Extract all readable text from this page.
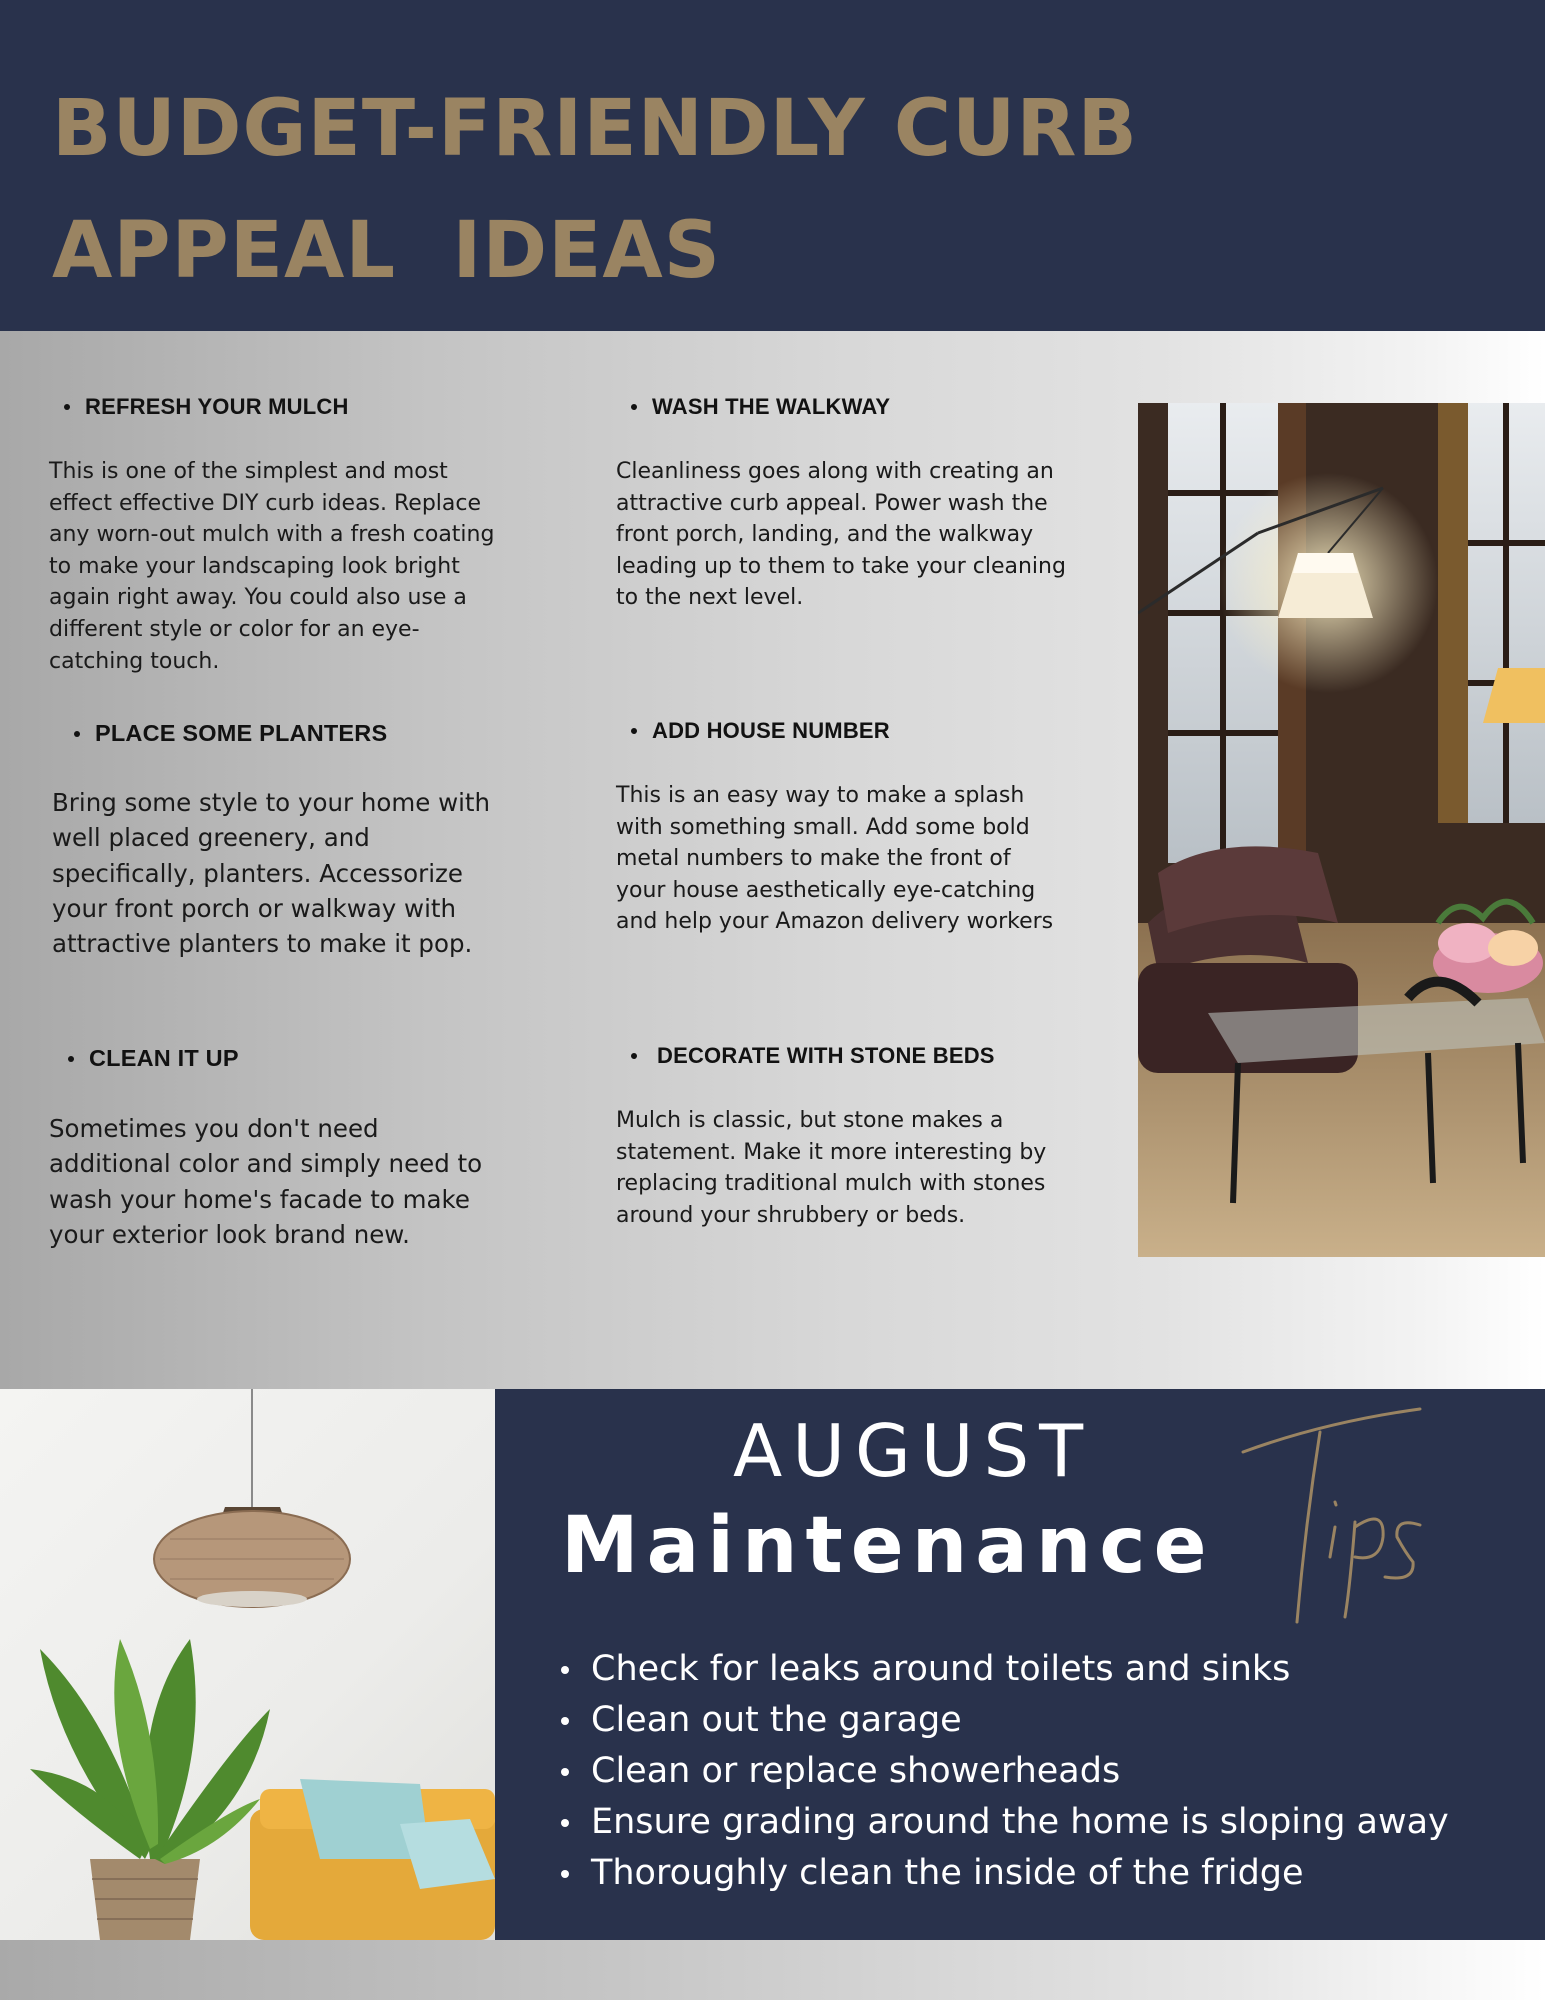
BUDGET-FRIENDLY CURB
APPEAL  IDEAS
REFRESH YOUR MULCH

This is one of the simplest and most
effect effective DIY curb ideas. Replace
any worn-out mulch with a fresh coating
to make your landscaping look bright
again right away. You could also use a
different style or color for an eye-
catching touch.

WASH THE WALKWAY

Cleanliness goes along with creating an
attractive curb appeal. Power wash the
front porch, landing, and the walkway
leading up to them to take your cleaning
to the next level.

PLACE SOME PLANTERS

Bring some style to your home with
well placed greenery, and
specifically, planters. Accessorize
your front porch or walkway with
attractive planters to make it pop.

ADD HOUSE NUMBER

This is an easy way to make a splash
with something small. Add some bold
metal numbers to make the front of
your house aesthetically eye-catching
and help your Amazon delivery workers

CLEAN IT UP

Sometimes you don't need
additional color and simply need to
wash your home's facade to make
your exterior look brand new.

DECORATE WITH STONE BEDS

Mulch is classic, but stone makes a
statement. Make it more interesting by
replacing traditional mulch with stones
around your shrubbery or beds.

AUGUST
Maintenance
Check for leaks around toilets and sinks
Clean out the garage
Clean or replace showerheads
Ensure grading around the home is sloping away
Thoroughly clean the inside of the fridge
